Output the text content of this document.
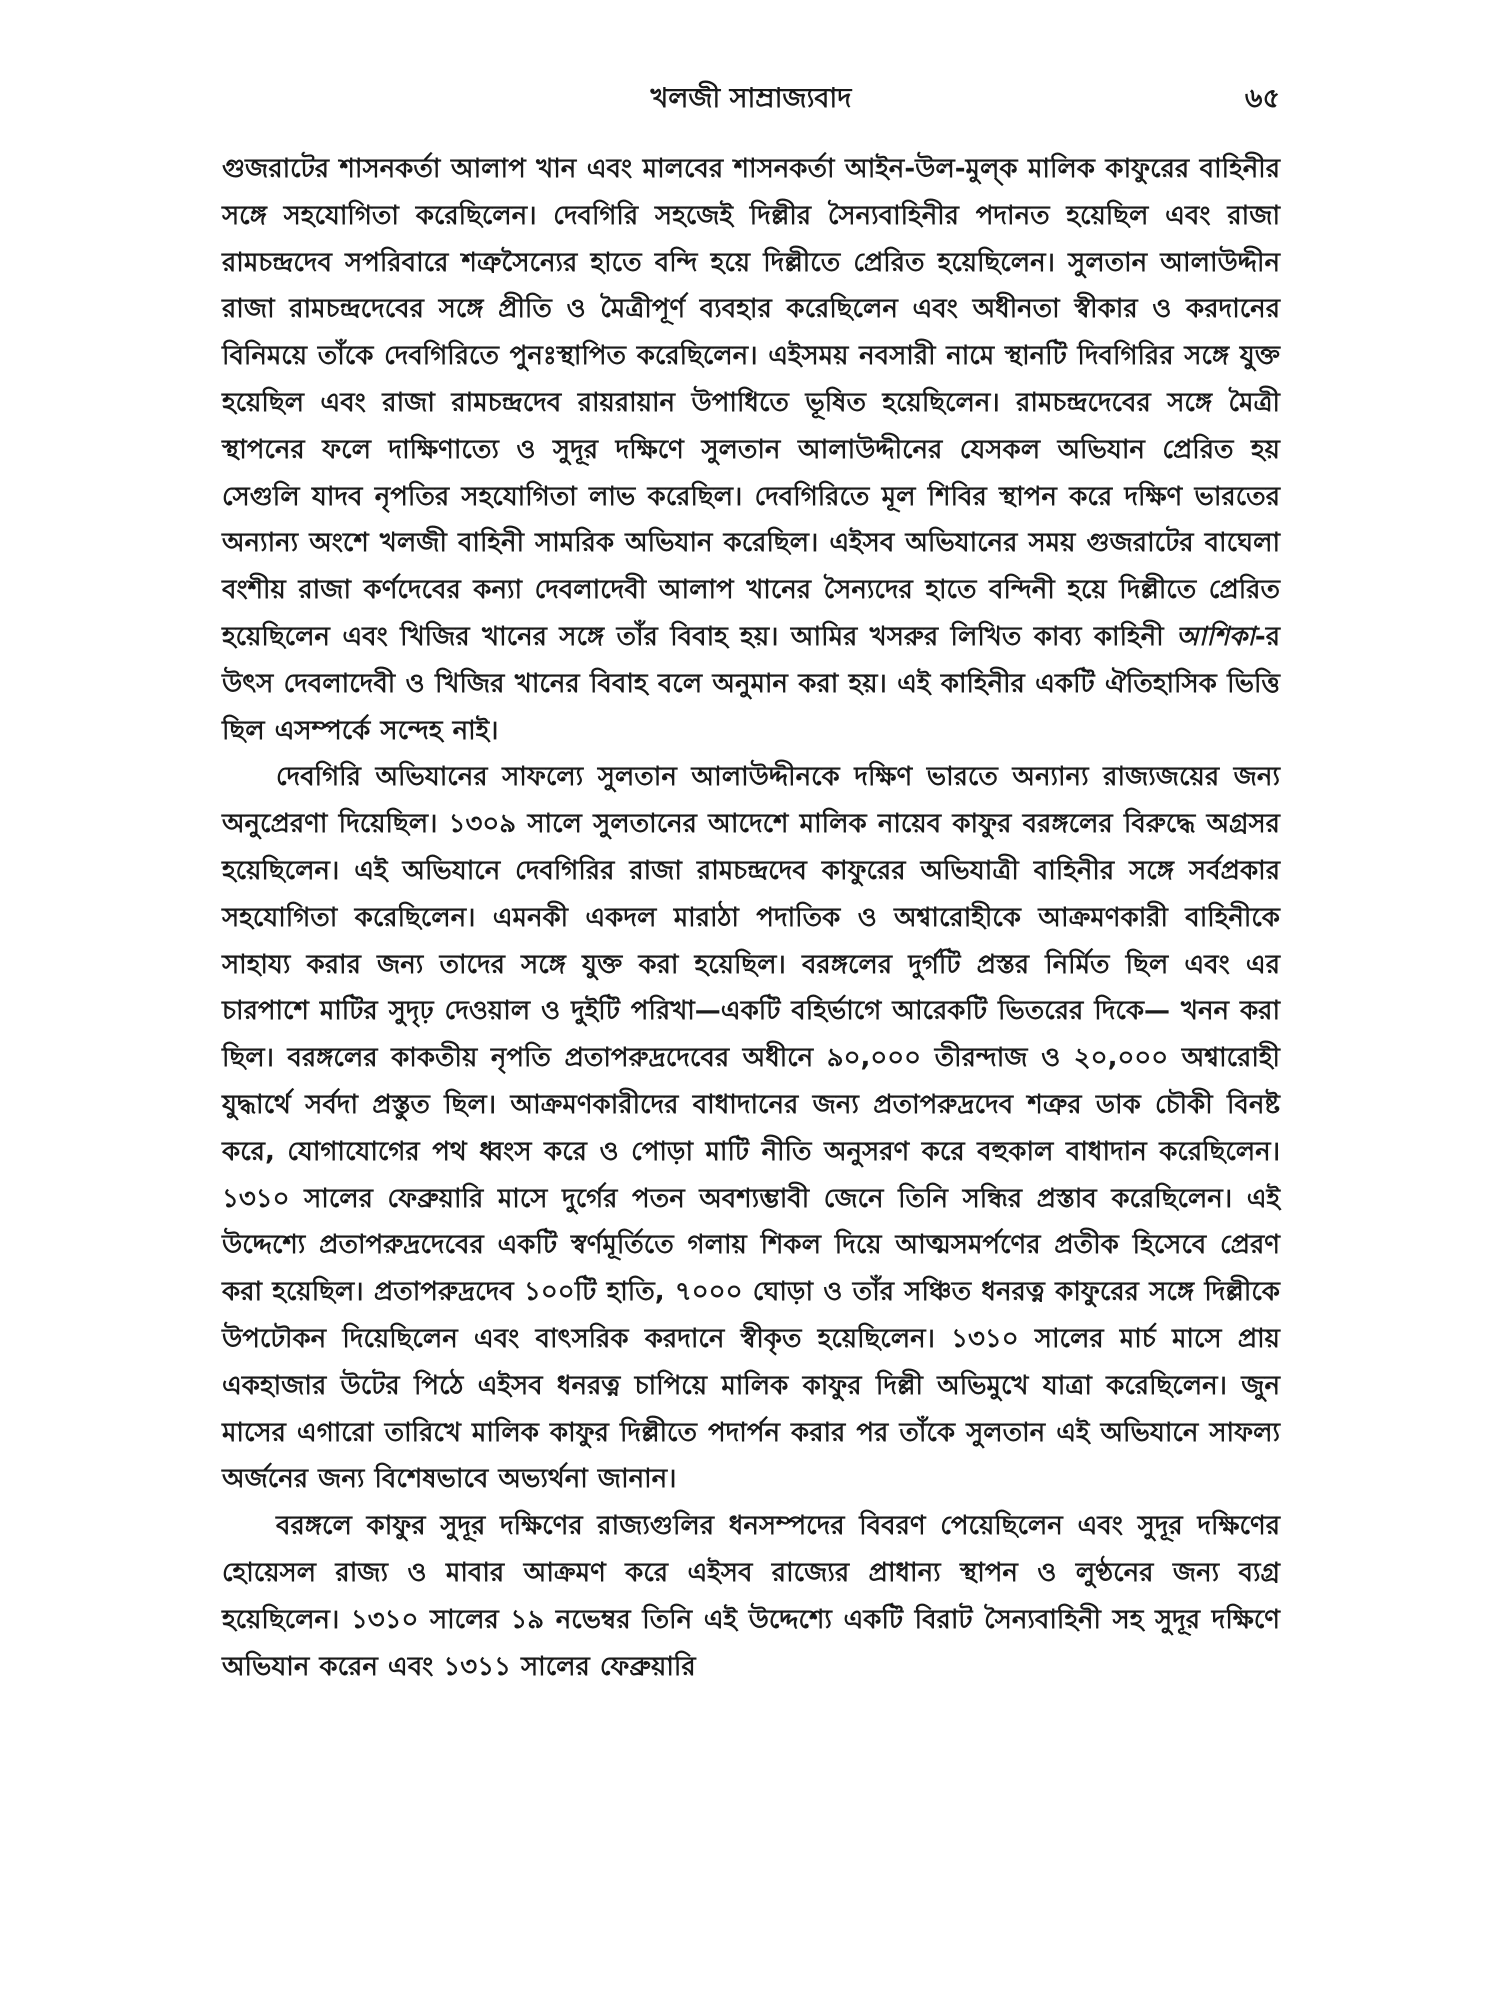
খলজী সাম্রাজ্যবাদ	৬৫

গুজরাটের শাসনকর্তা আলাপ খান এবং মালবের শাসনকর্তা আইন-উল-মুল্‌ক মালিক কাফুরের বাহিনীর সঙ্গে সহযোগিতা করেছিলেন। দেবগিরি সহজেই দিল্লীর সৈন্যবাহিনীর পদানত হয়েছিল এবং রাজা রামচন্দ্রদেব সপরিবারে শত্রুসৈন্যের হাতে বন্দি হয়ে দিল্লীতে প্রেরিত হয়েছিলেন। সুলতান আলাউদ্দীন রাজা রামচন্দ্রদেবের সঙ্গে প্রীতি ও মৈত্রীপূর্ণ ব্যবহার করেছিলেন এবং অধীনতা স্বীকার ও করদানের বিনিময়ে তাঁকে দেবগিরিতে পুনঃস্থাপিত করেছিলেন। এইসময় নবসারী নামে স্থানটি দিবগিরির সঙ্গে যুক্ত হয়েছিল এবং রাজা রামচন্দ্রদেব রায়রায়ান উপাধিতে ভূষিত হয়েছিলেন। রামচন্দ্রদেবের সঙ্গে মৈত্রী স্থাপনের ফলে দাক্ষিণাত্যে ও সুদূর দক্ষিণে সুলতান আলাউদ্দীনের যেসকল অভিযান প্রেরিত হয় সেগুলি যাদব নৃপতির সহযোগিতা লাভ করেছিল। দেবগিরিতে মূল শিবির স্থাপন করে দক্ষিণ ভারতের অন্যান্য অংশে খলজী বাহিনী সামরিক অভিযান করেছিল। এইসব অভিযানের সময় গুজরাটের বাঘেলা বংশীয় রাজা কর্ণদেবের কন্যা দেবলাদেবী আলাপ খানের সৈন্যদের হাতে বন্দিনী হয়ে দিল্লীতে প্রেরিত হয়েছিলেন এবং খিজির খানের সঙ্গে তাঁর বিবাহ হয়। আমির খসরুর লিখিত কাব্য কাহিনী আশিকা-র উৎস দেবলাদেবী ও খিজির খানের বিবাহ বলে অনুমান করা হয়। এই কাহিনীর একটি ঐতিহাসিক ভিত্তি ছিল এসম্পর্কে সন্দেহ নাই।

দেবগিরি অভিযানের সাফল্যে সুলতান আলাউদ্দীনকে দক্ষিণ ভারতে অন্যান্য রাজ্যজয়ের জন্য অনুপ্রেরণা দিয়েছিল। ১৩০৯ সালে সুলতানের আদেশে মালিক নায়েব কাফুর বরঙ্গলের বিরুদ্ধে অগ্রসর হয়েছিলেন। এই অভিযানে দেবগিরির রাজা রামচন্দ্রদেব কাফুরের অভিযাত্রী বাহিনীর সঙ্গে সর্বপ্রকার সহযোগিতা করেছিলেন। এমনকী একদল মারাঠা পদাতিক ও অশ্বারোহীকে আক্রমণকারী বাহিনীকে সাহায্য করার জন্য তাদের সঙ্গে যুক্ত করা হয়েছিল। বরঙ্গলের দুর্গটি প্রস্তর নির্মিত ছিল এবং এর চারপাশে মাটির সুদৃঢ় দেওয়াল ও দুইটি পরিখা—একটি বহির্ভাগে আরেকটি ভিতরের দিকে— খনন করা ছিল। বরঙ্গলের কাকতীয় নৃপতি প্রতাপরুদ্রদেবের অধীনে ৯০,০০০ তীরন্দাজ ও ২০,০০০ অশ্বারোহী যুদ্ধার্থে সর্বদা প্রস্তুত ছিল। আক্রমণকারীদের বাধাদানের জন্য প্রতাপরুদ্রদেব শত্রুর ডাক চৌকী বিনষ্ট করে, যোগাযোগের পথ ধ্বংস করে ও পোড়া মাটি নীতি অনুসরণ করে বহুকাল বাধাদান করেছিলেন। ১৩১০ সালের ফেব্রুয়ারি মাসে দুর্গের পতন অবশ্যম্ভাবী জেনে তিনি সন্ধির প্রস্তাব করেছিলেন। এই উদ্দেশ্যে প্রতাপরুদ্রদেবের একটি স্বর্ণমূর্তিতে গলায় শিকল দিয়ে আত্মসমর্পণের প্রতীক হিসেবে প্রেরণ করা হয়েছিল। প্রতাপরুদ্রদেব ১০০টি হাতি, ৭০০০ ঘোড়া ও তাঁর সঞ্চিত ধনরত্ন কাফুরের সঙ্গে দিল্লীকে উপঢৌকন দিয়েছিলেন এবং বাৎসরিক করদানে স্বীকৃত হয়েছিলেন। ১৩১০ সালের মার্চ মাসে প্রায় একহাজার উটের পিঠে এইসব ধনরত্ন চাপিয়ে মালিক কাফুর দিল্লী অভিমুখে যাত্রা করেছিলেন। জুন মাসের এগারো তারিখে মালিক কাফুর দিল্লীতে পদার্পন করার পর তাঁকে সুলতান এই অভিযানে সাফল্য অর্জনের জন্য বিশেষভাবে অভ্যর্থনা জানান।

বরঙ্গলে কাফুর সুদূর দক্ষিণের রাজ্যগুলির ধনসম্পদের বিবরণ পেয়েছিলেন এবং সুদূর দক্ষিণের হোয়েসল রাজ্য ও মাবার আক্রমণ করে এইসব রাজ্যের প্রাধান্য স্থাপন ও লুণ্ঠনের জন্য ব্যগ্র হয়েছিলেন। ১৩১০ সালের ১৯ নভেম্বর তিনি এই উদ্দেশ্যে একটি বিরাট সৈন্যবাহিনী সহ সুদূর দক্ষিণে অভিযান করেন এবং ১৩১১ সালের ফেব্রুয়ারি
